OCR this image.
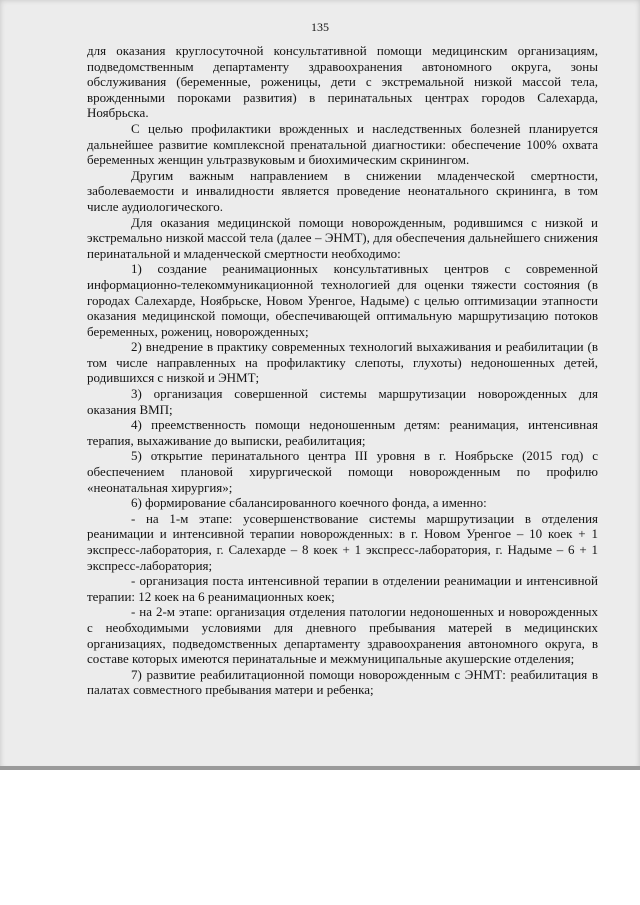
135

для оказания круглосуточной консультативной помощи медицинским организациям, подведомственным департаменту здравоохранения автономного округа, зоны обслуживания (беременные, роженицы, дети с экстремальной низкой массой тела, врожденными пороками развития) в перинатальных центрах городов Салехарда, Ноябрьска.

С целью профилактики врожденных и наследственных болезней планируется дальнейшее развитие комплексной пренатальной диагностики: обеспечение 100% охвата беременных женщин ультразвуковым и биохимическим скринингом.

Другим важным направлением в снижении младенческой смертности, заболеваемости и инвалидности является проведение неонатального скрининга, в том числе аудиологического.

Для оказания медицинской помощи новорожденным, родившимся с низкой и экстремально низкой массой тела (далее – ЭНМТ), для обеспечения дальнейшего снижения перинатальной и младенческой смертности необходимо:

1) создание реанимационных консультативных центров с современной информационно-телекоммуникационной технологией для оценки тяжести состояния (в городах Салехарде, Ноябрьске, Новом Уренгое, Надыме) с целью оптимизации этапности оказания медицинской помощи, обеспечивающей оптимальную маршрутизацию потоков беременных, рожениц, новорожденных;

2) внедрение в практику современных технологий выхаживания и реабилитации (в том числе направленных на профилактику слепоты, глухоты) недоношенных детей, родившихся с низкой и ЭНМТ;

3) организация совершенной системы маршрутизации новорожденных для оказания ВМП;

4) преемственность помощи недоношенным детям: реанимация, интенсивная терапия, выхаживание до выписки, реабилитация;

5) открытие перинатального центра III уровня в г. Ноябрьске (2015 год) с обеспечением плановой хирургической помощи новорожденным по профилю «неонатальная хирургия»;

6) формирование сбалансированного коечного фонда, а именно:

- на 1-м этапе: усовершенствование системы маршрутизации в отделения реанимации и интенсивной терапии новорожденных: в г. Новом Уренгое – 10 коек + 1 экспресс-лаборатория, г. Салехарде – 8 коек + 1 экспресс-лаборатория, г. Надыме – 6 + 1 экспресс-лаборатория;

- организация поста интенсивной терапии в отделении реанимации и интенсивной терапии: 12 коек на 6 реанимационных коек;

- на 2-м этапе: организация отделения патологии недоношенных и новорожденных с необходимыми условиями для дневного пребывания матерей в медицинских организациях, подведомственных департаменту здравоохранения автономного округа, в составе которых имеются перинатальные и межмуниципальные акушерские отделения;

7) развитие реабилитационной помощи новорожденным с ЭНМТ: реабилитация в палатах совместного пребывания матери и ребенка;
